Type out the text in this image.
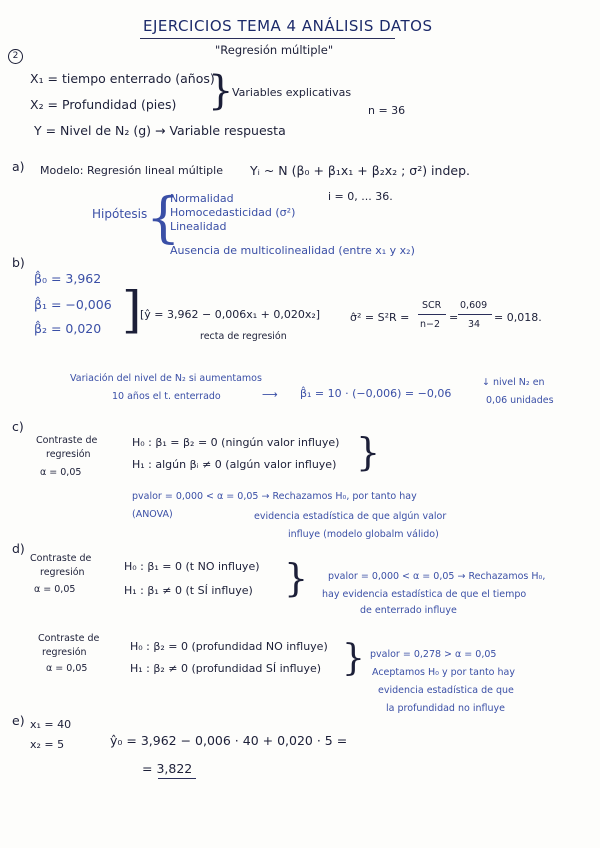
EJERCICIOS TEMA 4 ANÁLISIS DATOS
"Regresión múltiple"
2
X₁ = tiempo enterrado (años)
X₂ = Profundidad (pies) }
Variables explicativas
n = 36
Y = Nivel de N₂ (g) → Variable respuesta
a) Modelo: Regresión lineal múltiple Yᵢ ~ N (β₀ + β₁x₁ + β₂x₂ ; σ²) indep.
i = 0, ... 36.
Hipótesis
}
Normalidad
Homocedasticidad (σ²)
Linealidad
Ausencia de multicolinealidad (entre x₁ y x₂)
b)
β̂₀ = 3,962
β̂₁ = −0,006
β̂₂ = 0,020 ]
[ŷ = 3,962 − 0,006x₁ + 0,020x₂]
recta de regresión
σ̂² = S²R =
SCR
n−2
=
0,609
34
= 0,018.
Variación del nivel de N₂ si aumentamos
10 años el t. enterrado	⟶ β̂₁ = 10 · (−0,006) = −0,06
↓ nivel N₂ en
0,06 unidades
c)
Contraste de
regresión
α = 0,05
H₀ : β₁ = β₂ = 0 (ningún valor influye)
H₁ : algún βᵢ ≠ 0 (algún valor influye) }
pvalor = 0,000 < α = 0,05 → Rechazamos H₀, por tanto hay
(ANOVA)	evidencia estadística de que algún valor
influye (modelo globalm válido)
d)
Contraste de
regresión
α = 0,05
H₀ : β₁ = 0 (t NO influye)
H₁ : β₁ ≠ 0 (t SÍ influye) } pvalor = 0,000 < α = 0,05 → Rechazamos H₀,
hay evidencia estadística de que el tiempo
de enterrado influye
Contraste de
regresión
α = 0,05
H₀ : β₂ = 0 (profundidad NO influye)
H₁ : β₂ ≠ 0 (profundidad SÍ influye) } pvalor = 0,278 > α = 0,05
Aceptamos H₀ y por tanto hay
evidencia estadística de que
la profundidad no influye
e) x₁ = 40
x₂ = 5	ŷ₀ = 3,962 − 0,006 · 40 + 0,020 · 5 =
= 3,822
